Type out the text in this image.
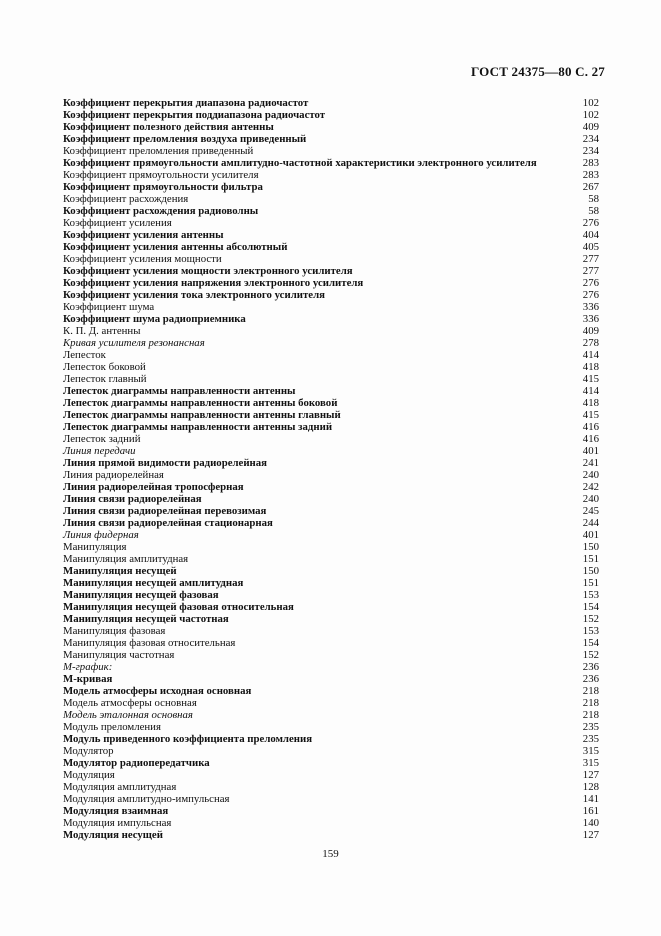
ГОСТ 24375—80 С. 27
Коэффициент перекрытия диапазона радиочастот	102
Коэффициент перекрытия поддиапазона радиочастот	102
Коэффициент полезного действия антенны	409
Коэффициент преломления воздуха приведенный	234
Коэффициент преломления приведенный	234
Коэффициент прямоугольности амплитудно-частотной характеристики электронного усилителя	283
Коэффициент прямоугольности усилителя	283
Коэффициент прямоугольности фильтра	267
Коэффициент расхождения	58
Коэффициент расхождения радиоволны	58
Коэффициент усиления	276
Коэффициент усиления антенны	404
Коэффициент усиления антенны абсолютный	405
Коэффициент усиления мощности	277
Коэффициент усиления мощности электронного усилителя	277
Коэффициент усиления напряжения электронного усилителя	276
Коэффициент усиления тока электронного усилителя	276
Коэффициент шума	336
Коэффициент шума радиоприемника	336
К. П. Д. антенны	409
Кривая усилителя резонансная	278
Лепесток	414
Лепесток боковой	418
Лепесток главный	415
Лепесток диаграммы направленности антенны	414
Лепесток диаграммы направленности антенны боковой	418
Лепесток диаграммы направленности антенны главный	415
Лепесток диаграммы направленности антенны задний	416
Лепесток задний	416
Линия передачи	401
Линия прямой видимости радиорелейная	241
Линия радиорелейная	240
Линия радиорелейная тропосферная	242
Линия связи радиорелейная	240
Линия связи радиорелейная перевозимая	245
Линия связи радиорелейная стационарная	244
Линия фидерная	401
Манипуляция	150
Манипуляция амплитудная	151
Манипуляция несущей	150
Манипуляция несущей амплитудная	151
Манипуляция несущей фазовая	153
Манипуляция несущей фазовая относительная	154
Манипуляция несущей частотная	152
Манипуляция фазовая	153
Манипуляция фазовая относительная	154
Манипуляция частотная	152
М-график:	236
М-кривая	236
Модель атмосферы исходная основная	218
Модель атмосферы основная	218
Модель эталонная основная	218
Модуль преломления	235
Модуль приведенного коэффициента преломления	235
Модулятор	315
Модулятор радиопередатчика	315
Модуляция	127
Модуляция амплитудная	128
Модуляция амплитудно-импульсная	141
Модуляция взаимная	161
Модуляция импульсная	140
Модуляция несущей	127
159
